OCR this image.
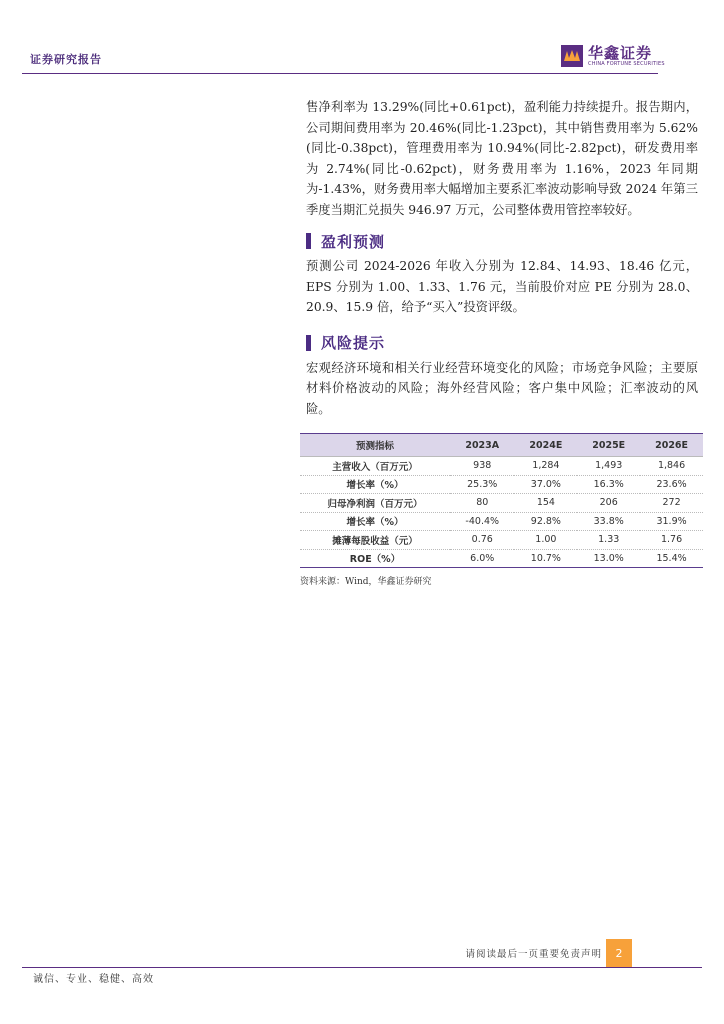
证券研究报告	华鑫证券
CHINA FORTUNE SECURITIES

售净利率为 13.29%(同比+0.61pct)，盈利能力持续提升。报告期内，公司期间费用率为 20.46%(同比-1.23pct)，其中销售费用率为 5.62%(同比-0.38pct)，管理费用率为 10.94%(同比-2.82pct)，研发费用率为 2.74%(同比-0.62pct)，财务费用率为 1.16%，2023 年同期为-1.43%，财务费用率大幅增加主要系汇率波动影响导致 2024 年第三季度当期汇兑损失 946.97 万元，公司整体费用管控率较好。

盈利预测

预测公司 2024-2026 年收入分别为 12.84、14.93、18.46 亿元，EPS 分别为 1.00、1.33、1.76 元，当前股价对应 PE 分别为 28.0、20.9、15.9 倍，给予“买入”投资评级。

风险提示

宏观经济环境和相关行业经营环境变化的风险；市场竞争风险；主要原材料价格波动的风险；海外经营风险；客户集中风险；汇率波动的风险。

预测指标	2023A	2024E	2025E	2026E
主营收入（百万元）	938	1,284	1,493	1,846
增长率（%）	25.3%	37.0%	16.3%	23.6%
归母净利润（百万元）	80	154	206	272
增长率（%）	-40.4%	92.8%	33.8%	31.9%
摊薄每股收益（元）	0.76	1.00	1.33	1.76
ROE（%）	6.0%	10.7%	13.0%	15.4%
资料来源：Wind，华鑫证券研究
请阅读最后一页重要免责声明	2
诚信、专业、稳健、高效
